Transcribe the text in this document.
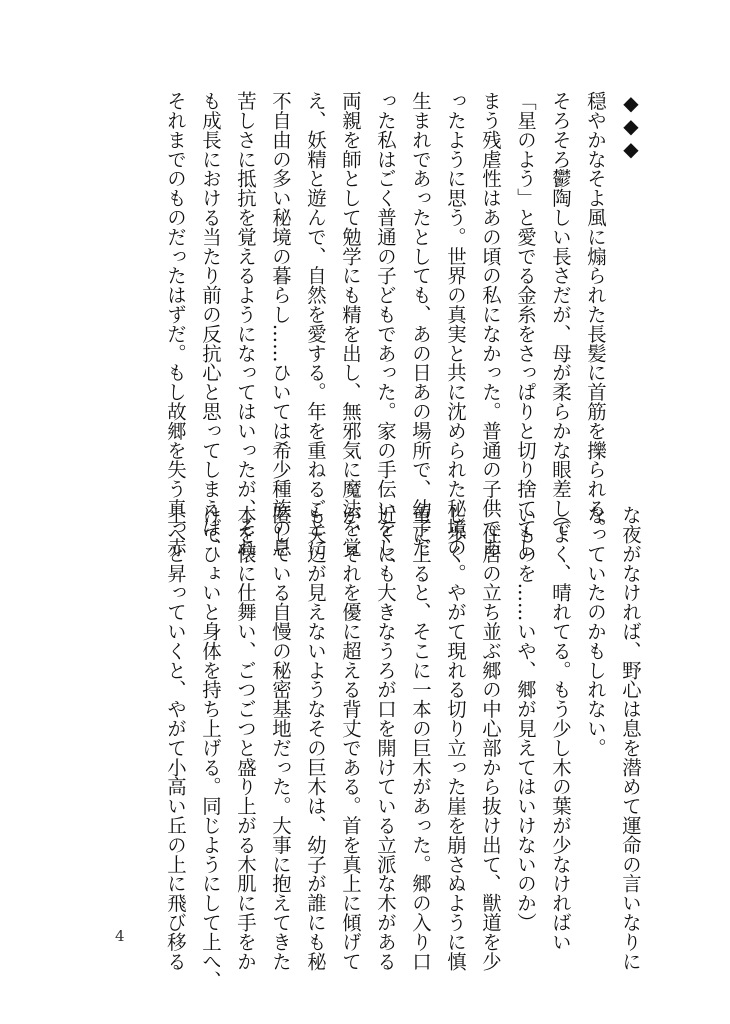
◆◆◆
穏やかなそよ風に煽られた長髪に首筋を擽られる。
そろそろ鬱陶しい長さだが、母が柔らかな眼差しで
「星のよう」と愛でる金糸をさっぱりと切り捨ててし
まう残虐性はあの頃の私になかった。普通の子供であ
ったように思う。世界の真実と共に沈められた秘境の
生まれであったとしても、あの日あの場所で、幼子だ
った私はごく普通の子どもであった。家の手伝いをし、
両親を師として勉学にも精を出し、無邪気に魔法を覚
え、妖精と遊んで、自然を愛する。年を重ねるごとに
不自由の多い秘境の暮らし……ひいては希少種族の息
苦しさに抵抗を覚えるようになってはいったが、それ
も成長における当たり前の反抗心と思ってしまえば、
それまでのものだったはずだ。もし故郷を失う真っ赤
な夜がなければ、野心は息を潜めて運命の言いなりに
なっていたのかもしれない。
（よく、晴れてる。もう少し木の葉が少なければい
いものを……いや、郷が見えてはいけないのか）
　住居の立ち並ぶ郷の中心部から抜け出て、獣道を少
し歩く。やがて現れる切り立った崖を崩さぬように慎
重に上ると、そこに一本の巨木があった。郷の入り口
近くにも大きなうろが口を開けている立派な木がある
が、それを優に超える背丈である。首を真上に傾げて
も天辺が見えないようなその巨木は、幼子が誰にも秘
匿している自慢の秘密基地だった。大事に抱えてきた
本を懐に仕舞い、ごつごつと盛り上がる木肌に手をか
けてひょいと身体を持ち上げる。同じようにして上へ、
上へと昇っていくと、やがて小高い丘の上に飛び移る
4
